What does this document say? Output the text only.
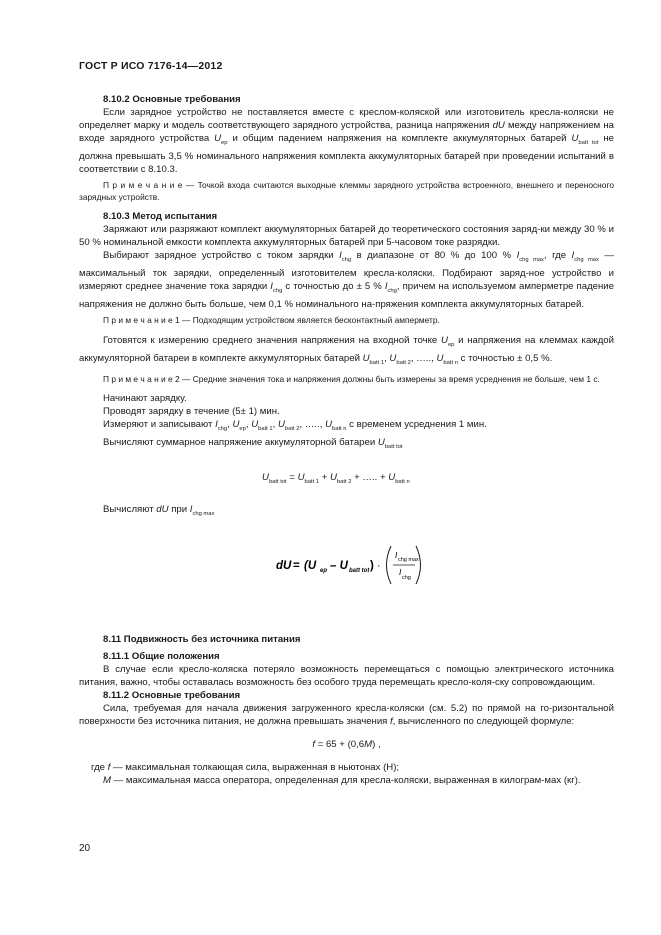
ГОСТ Р ИСО 7176-14—2012

8.10.2 Основные требования

Если зарядное устройство не поставляется вместе с креслом-коляской или изготовитель кресла-коляски не определяет марку и модель соответствующего зарядного устройства, разница напряжения dU между напряжением на входе зарядного устройства $U_{ep}$ и общим падением напряжения на комплекте аккумуляторных батарей $U_{batt tot}$ не должна превышать 3,5 % номинального напряжения комплекта аккумуляторных батарей при проведении испытаний в соответствии с 8.10.3.

П р и м е ч а н и е — Точкой входа считаются выходные клеммы зарядного устройства встроенного, внешнего и переносного зарядных устройств.

8.10.3 Метод испытания

Заряжают или разряжают комплект аккумуляторных батарей до теоретического состояния заряд-ки между 30 % и 50 % номинальной емкости комплекта аккумуляторных батарей при 5-часовом токе разрядки.

Выбирают зарядное устройство с током зарядки $I_{chg}$ в диапазоне от 80 % до 100 % $I_{chg max}$, где $I_{chg max}$ — максимальный ток зарядки, определенный изготовителем кресла-коляски. Подбирают заряд-ное устройство и измеряют среднее значение тока зарядки $I_{chg}$ с точностью до ± 5 % $I_{chg}$, причем на используемом амперметре падение напряжения не должно быть больше, чем 0,1 % номинального на-пряжения комплекта аккумуляторных батарей.

П р и м е ч а н и е 1 — Подходящим устройством является бесконтактный амперметр.

Готовятся к измерению среднего значения напряжения на входной точке $U_{ep}$ и напряжения на клеммах каждой аккумуляторной батареи в комплекте аккумуляторных батарей $U_{batt 1}$, $U_{batt 2}$, ….., $U_{batt n}$ с точностью ± 0,5 %.

П р и м е ч а н и е 2 — Средние значения тока и напряжения должны быть измерены за время усреднения не больше, чем 1 с.

Начинают зарядку.

Проводят зарядку в течение (5± 1) мин.

Измеряют и записывают $I_{chg}$, $U_{ep}$, $U_{batt 1}$, $U_{batt 2}$, ….., $U_{batt n}$ с временем усреднения 1 мин.

Вычисляют суммарное напряжение аккумуляторной батареи $U_{batt tot}$

$U_{batt tot} = U_{batt 1} + U_{batt 2}$ + ….. + $U_{batt n}$

Вычисляют dU при $I_{chg max}$

dU = (U ep – U batt tot ) ·
I chg max
I
chg

8.11 Подвижность без источника питания

8.11.1 Общие положения

В случае если кресло-коляска потеряло возможность перемещаться с помощью электрического источника питания, важно, чтобы оставалась возможность без особого труда перемещать кресло-коля-ску сопровождающим.

8.11.2 Основные требования

Сила, требуемая для начала движения загруженного кресла-коляски (см. 5.2) по прямой на го-ризонтальной поверхности без источника питания, не должна превышать значения f, вычисленного по следующей формуле:

f = 65 + (0,6M) ,

где f — максимальная толкающая сила, выраженная в ньютонах (Н);

M — максимальная масса оператора, определенная для кресла-коляски, выраженная в килограм-мах (кг).

20
